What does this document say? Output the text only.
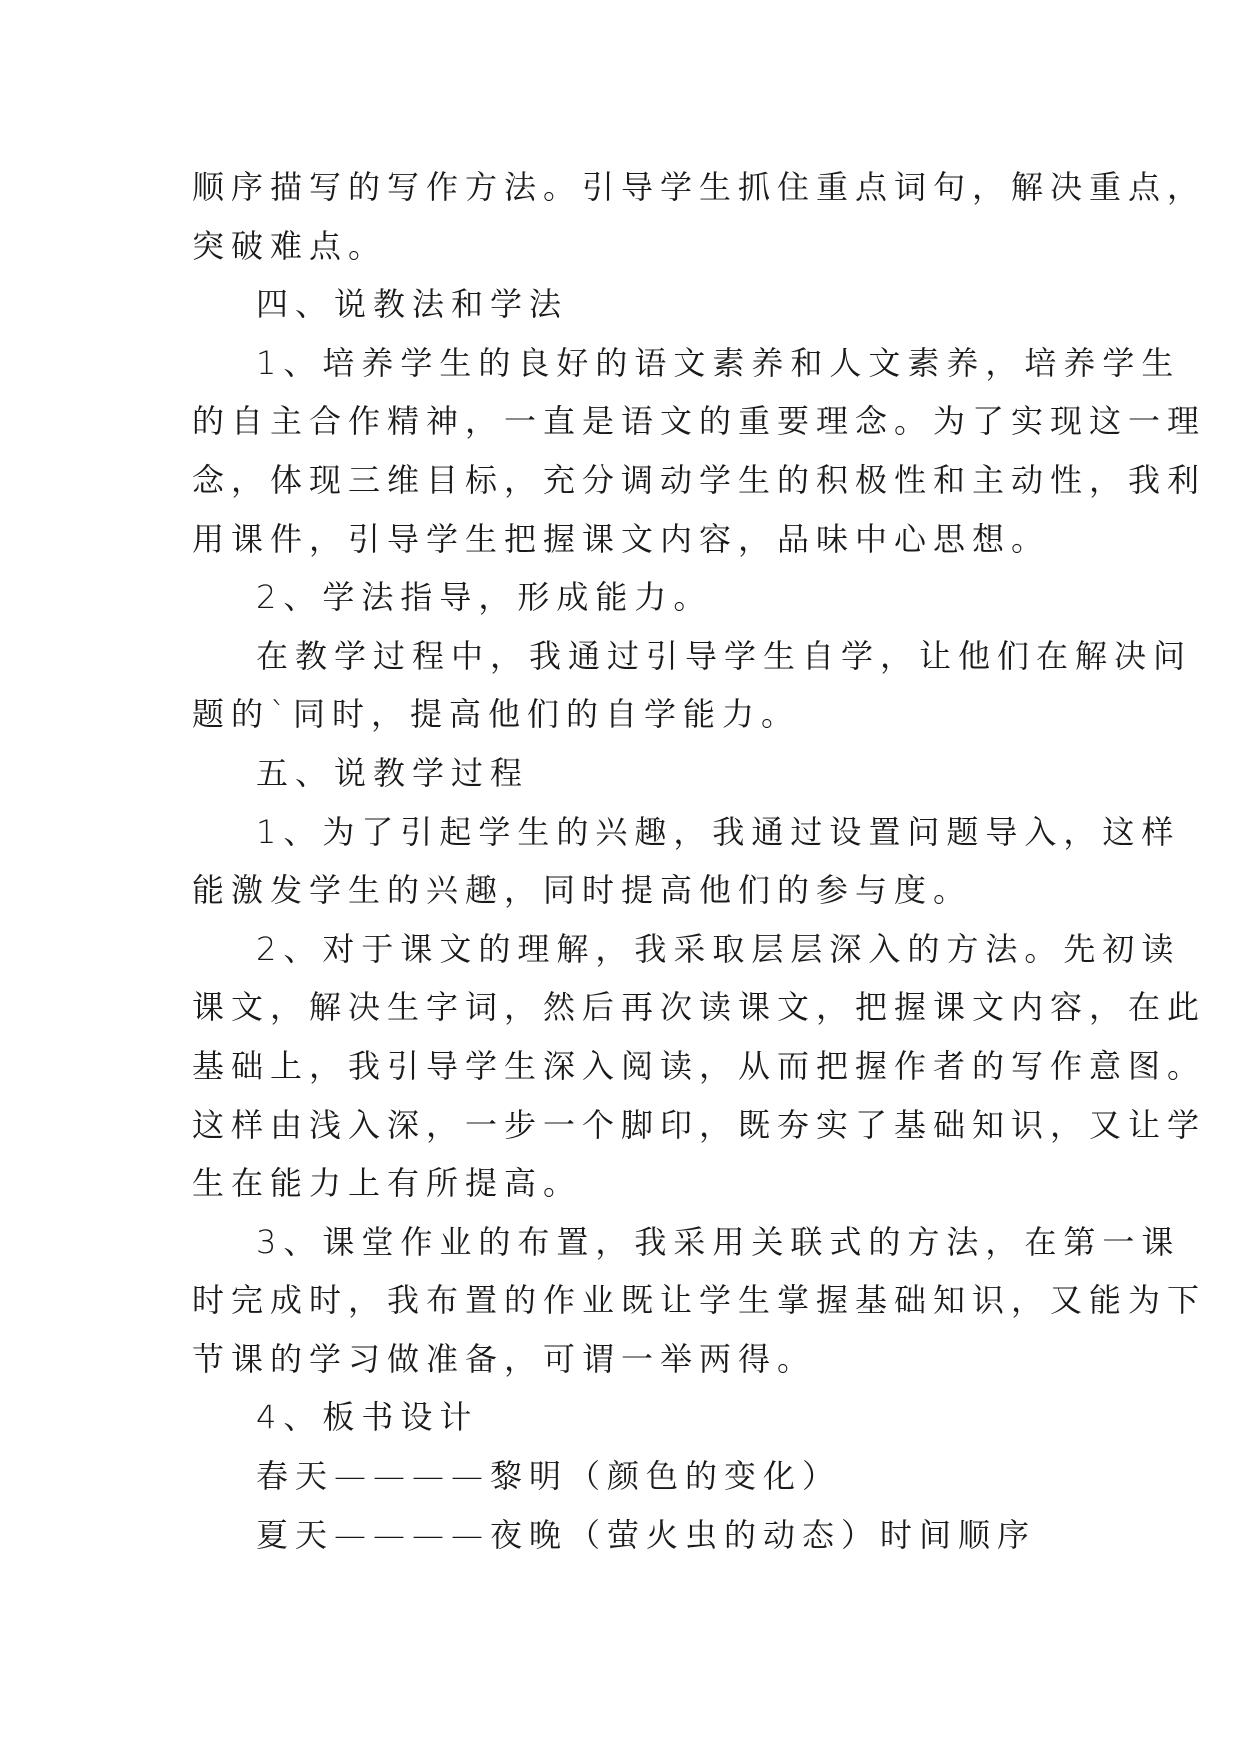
顺序描写的写作方法。引导学生抓住重点词句，解决重点，
突破难点。
四、说教法和学法
1、培养学生的良好的语文素养和人文素养，培养学生
的自主合作精神，一直是语文的重要理念。为了实现这一理
念，体现三维目标，充分调动学生的积极性和主动性，我利
用课件，引导学生把握课文内容，品味中心思想。
2、学法指导，形成能力。
在教学过程中，我通过引导学生自学，让他们在解决问
题的`同时，提高他们的自学能力。
五、说教学过程
1、为了引起学生的兴趣，我通过设置问题导入，这样
能激发学生的兴趣，同时提高他们的参与度。
2、对于课文的理解，我采取层层深入的方法。先初读
课文，解决生字词，然后再次读课文，把握课文内容，在此
基础上，我引导学生深入阅读，从而把握作者的写作意图。
这样由浅入深，一步一个脚印，既夯实了基础知识，又让学
生在能力上有所提高。
3、课堂作业的布置，我采用关联式的方法，在第一课
时完成时，我布置的作业既让学生掌握基础知识，又能为下
节课的学习做准备，可谓一举两得。
4、板书设计
春天————黎明（颜色的变化）
夏天————夜晚（萤火虫的动态）时间顺序
